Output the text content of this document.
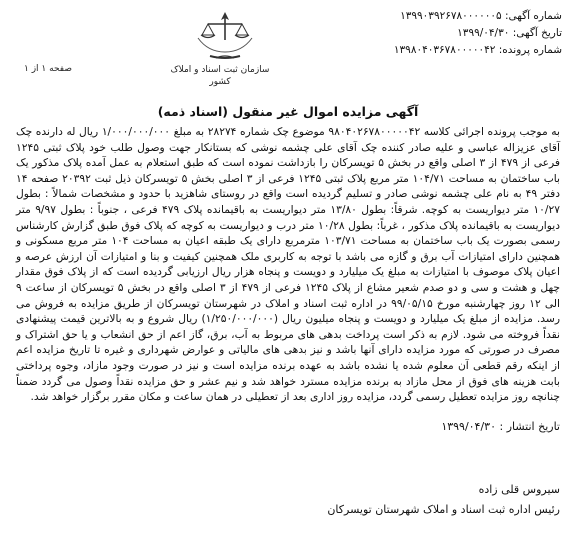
شماره آگهی: ۱۳۹۹۰۳۹۲۶۷۸۰۰۰۰۰۰۵
تاریخ آگهی: ۱۳۹۹/۰۴/۳۰
شماره پرونده: ۱۳۹۸۰۴۰۳۶۷۸۰۰۰۰۰۴۲
سازمان ثبت اسناد و املاک کشور
صفحه ۱ از ۱
آگهی مزایده اموال غیر منقول (اسناد ذمه)

به موجب پرونده اجرائی کلاسه ۹۸۰۴۰۲۶۷۸۰۰۰۰۰۴۲ موضوع چک شماره ۲۸۲۷۴ به مبلغ ۱/۰۰۰/۰۰۰/۰۰۰ ریال له دارنده چک آقای عزیزاله عباسی و علیه صادر کننده چک آقای علی چشمه نوشی که بستانکار جهت وصول طلب خود پلاک ثبتی ۱۲۴۵ فرعی از ۴۷۹ از ۳ اصلی واقع در بخش ۵ تویسرکان را بازداشت نموده است که طبق استعلام به عمل آمده پلاک مذکور یک باب ساختمان به مساحت ۱۰۴/۷۱ متر مربع پلاک ثبتی ۱۲۴۵ فرعی از ۳ اصلی بخش ۵ تویسرکان ذیل ثبت ۲۰۳۹۲ صفحه ۱۴ دفتر ۴۹ به نام علی چشمه نوشی صادر و تسلیم گردیده است واقع در روستای شاهزید با حدود و مشخصات شمالاً : بطول ۱۰/۲۷ متر دیواریست به کوچه. شرقاً: بطول ۱۳/۸۰ متر دیواریست به باقیمانده پلاک ۴۷۹ فرعی ، جنوباً : بطول ۹/۹۷ متر دیواریست به باقیمانده پلاک مذکور ، غرباً: بطول ۱۰/۲۸ متر درب و دیواریست به کوچه که پلاک فوق طبق گزارش کارشناس رسمی بصورت یک باب ساختمان به مساحت ۱۰۳/۷۱ مترمربع دارای یک طبقه اعیان به مساحت ۱۰۴ متر مربع مسکونی و همچنین دارای امتیازات آب برق و گازه می باشد با توجه به کاربری ملک همچنین کیفیت و بنا و امتیازات آن ارزش عرصه و اعیان پلاک موصوف با امتیازات به مبلغ یک میلیارد و دویست و پنجاه هزار ریال ارزیابی گردیده است که از پلاک فوق مقدار چهل و هشت و سی و دو صدم شعیر مشاع از پلاک ۱۲۴۵ فرعی از ۴۷۹ از ۳ اصلی واقع در بخش ۵ تویسرکان از ساعت ۹ الی ۱۲ روز چهارشنبه مورخ ۹۹/۰۵/۱۵ در اداره ثبت اسناد و املاک در شهرستان تویسرکان از طریق مزایده به فروش می رسد. مزایده از مبلغ یک میلیارد و دویست و پنجاه میلیون ریال (۱/۲۵۰/۰۰۰/۰۰۰) ریال شروع و به بالاترین قیمت پیشنهادی نقداً فروخته می شود. لازم به ذکر است پرداخت بدهی های مربوط به آب، برق، گاز اعم از حق انشعاب و یا حق اشتراک و مصرف در صورتی که مورد مزایده دارای آنها باشد و نیز بدهی های مالیاتی و عوارض شهرداری و غیره تا تاریخ مزایده اعم از اینکه رقم قطعی آن معلوم شده یا نشده باشد به عهده برنده مزایده است و نیز در صورت وجود مازاد، وجوه پرداختی بابت هزینه های فوق از محل مازاد به برنده مزایده مسترد خواهد شد و نیم عشر و حق مزایده نقداً وصول می گردد ضمناً چنانچه روز مزایده تعطیل رسمی گردد، مزایده روز اداری بعد از تعطیلی در همان ساعت و مکان مقرر برگزار خواهد شد.

تاریخ انتشار : ۱۳۹۹/۰۴/۳۰
سیروس قلی زاده
رئیس اداره ثبت اسناد و املاک شهرستان تویسرکان
